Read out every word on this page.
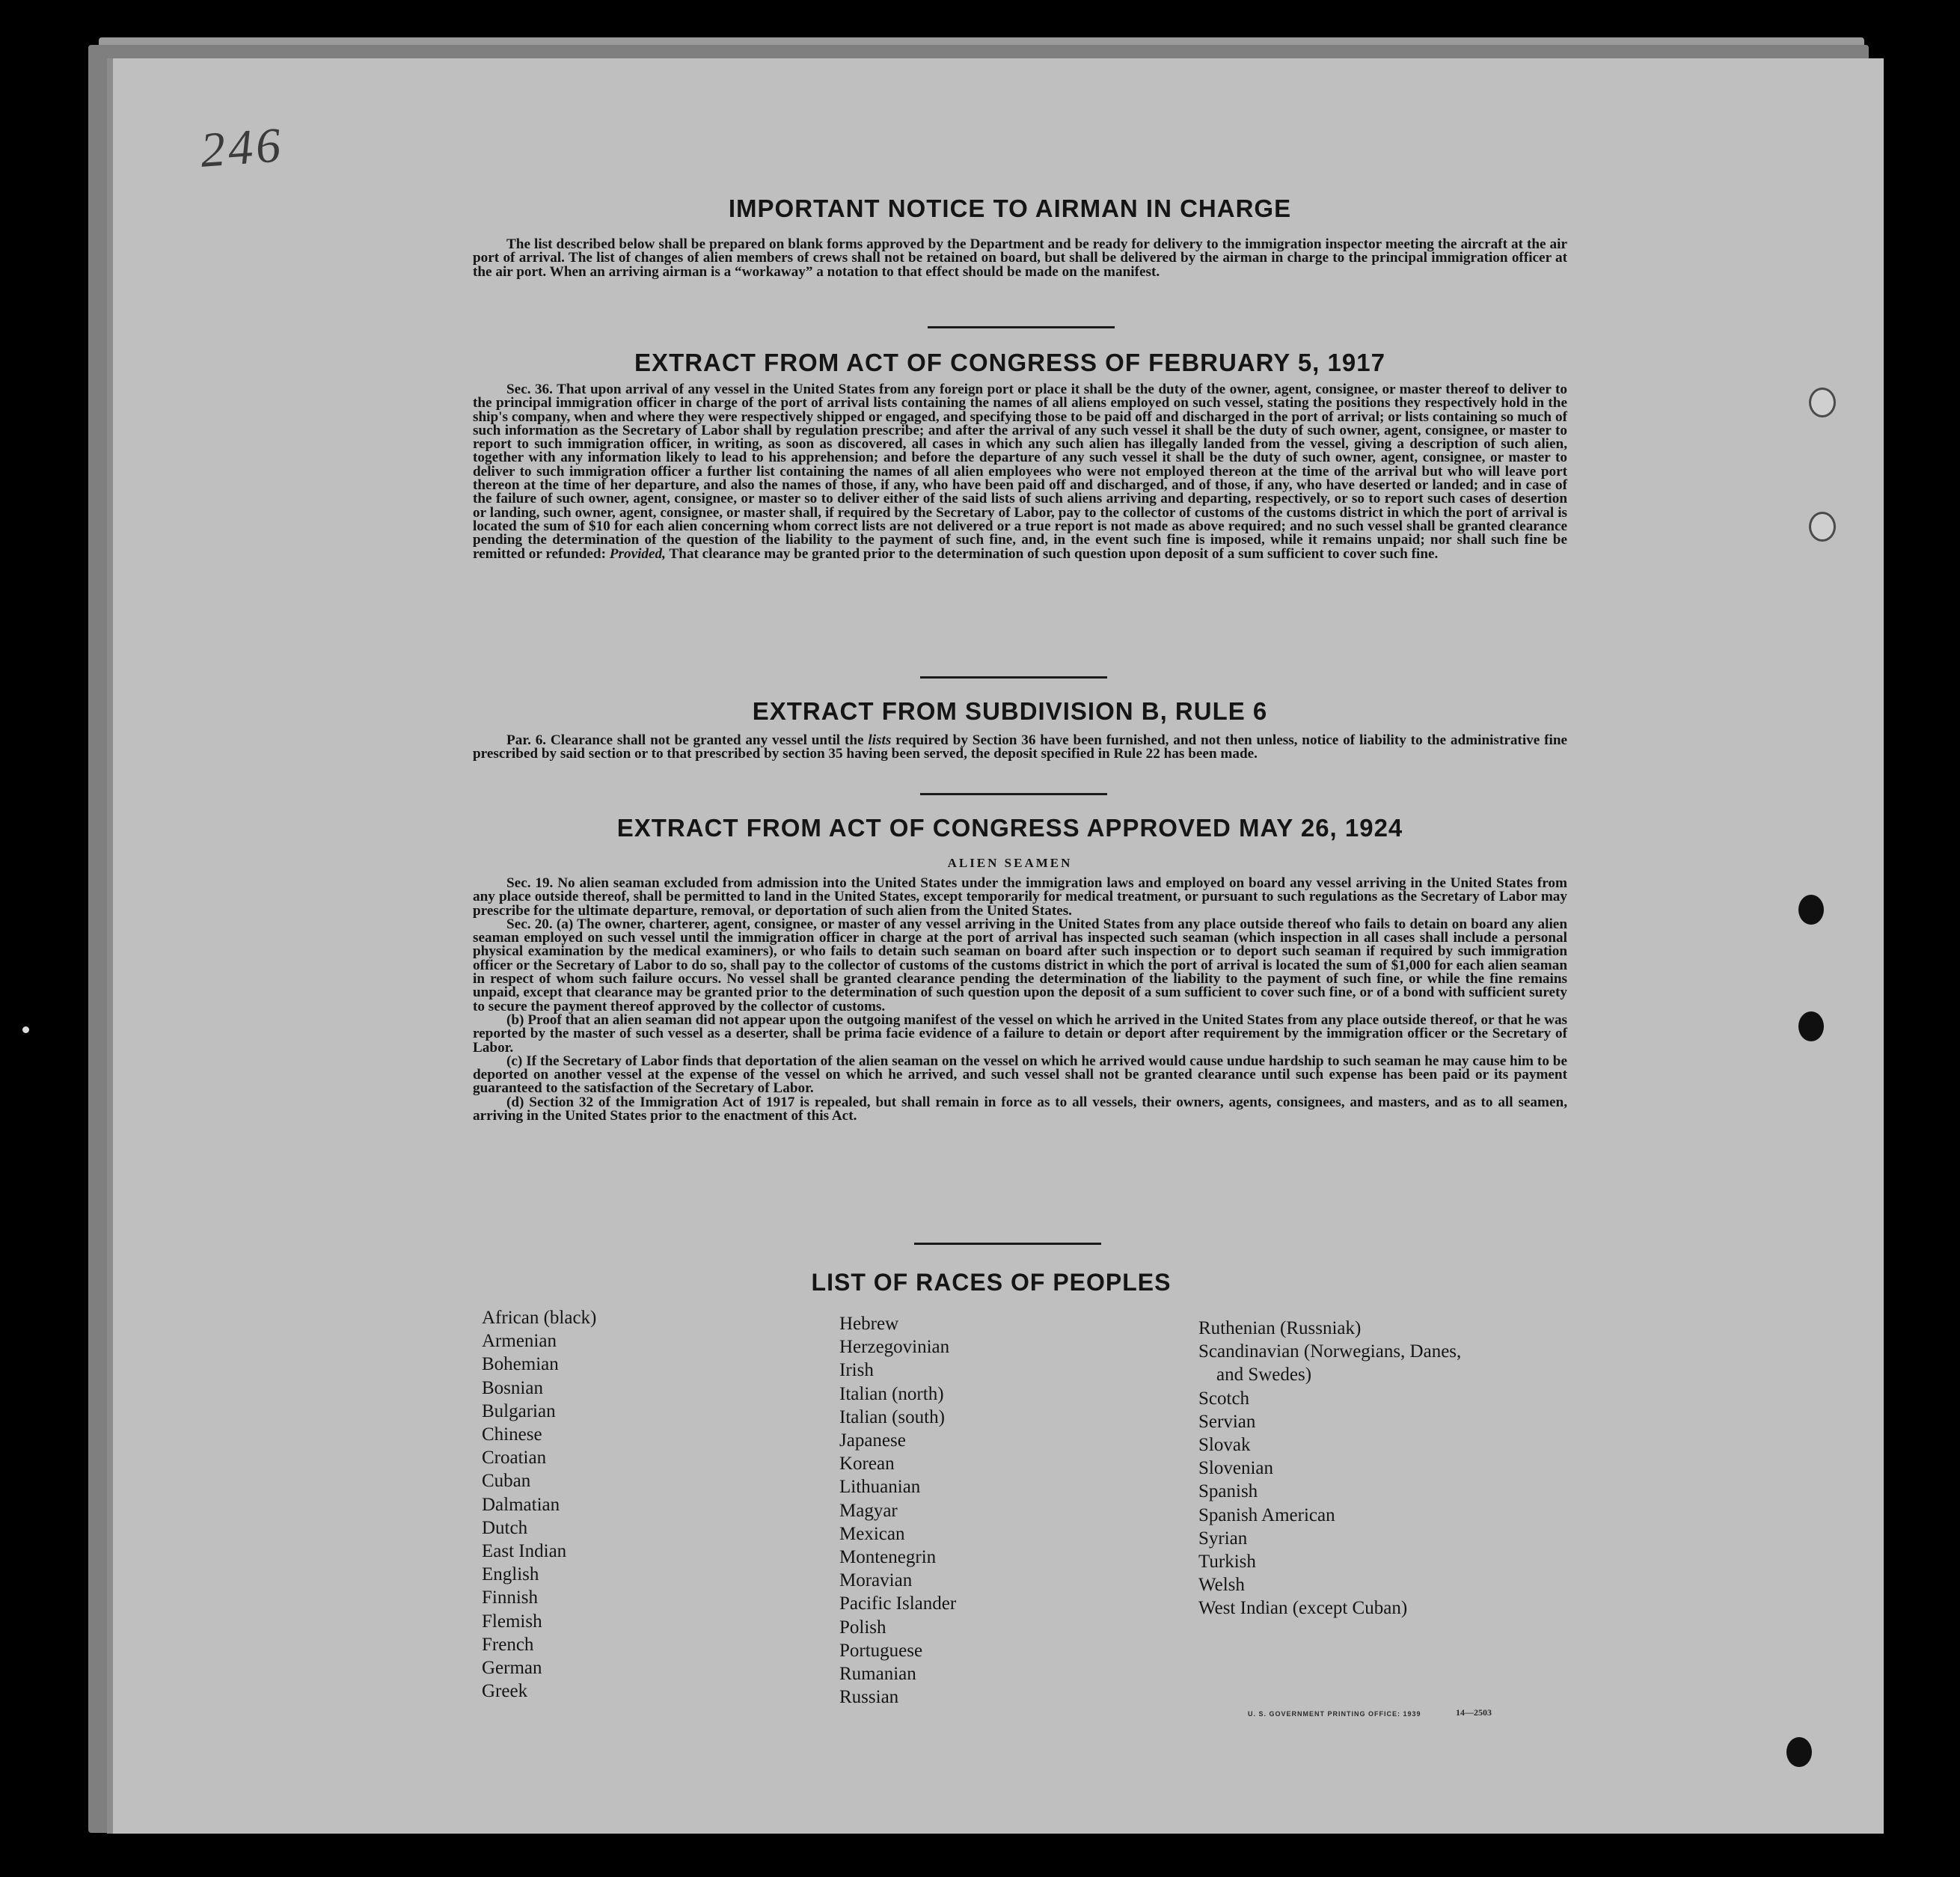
246
IMPORTANT NOTICE TO AIRMAN IN CHARGE

The list described below shall be prepared on blank forms approved by the Department and be ready for delivery to the immigration inspector meeting the aircraft at the air port of arrival. The list of changes of alien members of crews shall not be retained on board, but shall be delivered by the airman in charge to the principal immigration officer at the air port. When an arriving airman is a “workaway” a notation to that effect should be made on the manifest.

EXTRACT FROM ACT OF CONGRESS OF FEBRUARY 5, 1917

Sec. 36. That upon arrival of any vessel in the United States from any foreign port or place it shall be the duty of the owner, agent, consignee, or master thereof to deliver to the principal immigration officer in charge of the port of arrival lists containing the names of all aliens employed on such vessel, stating the positions they respectively hold in the ship's company, when and where they were respectively shipped or engaged, and specifying those to be paid off and discharged in the port of arrival; or lists containing so much of such information as the Secretary of Labor shall by regulation prescribe; and after the arrival of any such vessel it shall be the duty of such owner, agent, consignee, or master to report to such immigration officer, in writing, as soon as discovered, all cases in which any such alien has illegally landed from the vessel, giving a description of such alien, together with any information likely to lead to his apprehension; and before the departure of any such vessel it shall be the duty of such owner, agent, consignee, or master to deliver to such immigration officer a further list containing the names of all alien employees who were not employed thereon at the time of the arrival but who will leave port thereon at the time of her departure, and also the names of those, if any, who have been paid off and discharged, and of those, if any, who have deserted or landed; and in case of the failure of such owner, agent, consignee, or master so to deliver either of the said lists of such aliens arriving and departing, respectively, or so to report such cases of desertion or landing, such owner, agent, consignee, or master shall, if required by the Secretary of Labor, pay to the collector of customs of the customs district in which the port of arrival is located the sum of $10 for each alien concerning whom correct lists are not delivered or a true report is not made as above required; and no such vessel shall be granted clearance pending the determination of the question of the liability to the payment of such fine, and, in the event such fine is imposed, while it remains unpaid; nor shall such fine be remitted or refunded: Provided, That clearance may be granted prior to the determination of such question upon deposit of a sum sufficient to cover such fine.

EXTRACT FROM SUBDIVISION B, RULE 6

Par. 6. Clearance shall not be granted any vessel until the lists required by Section 36 have been furnished, and not then unless, notice of liability to the administrative fine prescribed by said section or to that prescribed by section 35 having been served, the deposit specified in Rule 22 has been made.

EXTRACT FROM ACT OF CONGRESS APPROVED MAY 26, 1924
ALIEN SEAMEN

Sec. 19. No alien seaman excluded from admission into the United States under the immigration laws and employed on board any vessel arriving in the United States from any place outside thereof, shall be permitted to land in the United States, except temporarily for medical treatment, or pursuant to such regulations as the Secretary of Labor may prescribe for the ultimate departure, removal, or deportation of such alien from the United States.

Sec. 20. (a) The owner, charterer, agent, consignee, or master of any vessel arriving in the United States from any place outside thereof who fails to detain on board any alien seaman employed on such vessel until the immigration officer in charge at the port of arrival has inspected such seaman (which inspection in all cases shall include a personal physical examination by the medical examiners), or who fails to detain such seaman on board after such inspection or to deport such seaman if required by such immigration officer or the Secretary of Labor to do so, shall pay to the collector of customs of the customs district in which the port of arrival is located the sum of $1,000 for each alien seaman in respect of whom such failure occurs. No vessel shall be granted clearance pending the determination of the liability to the payment of such fine, or while the fine remains unpaid, except that clearance may be granted prior to the determination of such question upon the deposit of a sum sufficient to cover such fine, or of a bond with sufficient surety to secure the payment thereof approved by the collector of customs.

(b) Proof that an alien seaman did not appear upon the outgoing manifest of the vessel on which he arrived in the United States from any place outside thereof, or that he was reported by the master of such vessel as a deserter, shall be prima facie evidence of a failure to detain or deport after requirement by the immigration officer or the Secretary of Labor.

(c) If the Secretary of Labor finds that deportation of the alien seaman on the vessel on which he arrived would cause undue hardship to such seaman he may cause him to be deported on another vessel at the expense of the vessel on which he arrived, and such vessel shall not be granted clearance until such expense has been paid or its payment guaranteed to the satisfaction of the Secretary of Labor.

(d) Section 32 of the Immigration Act of 1917 is repealed, but shall remain in force as to all vessels, their owners, agents, consignees, and masters, and as to all seamen, arriving in the United States prior to the enactment of this Act.

LIST OF RACES OF PEOPLES
African (black)
Armenian
Bohemian
Bosnian
Bulgarian
Chinese
Croatian
Cuban
Dalmatian
Dutch
East Indian
English
Finnish
Flemish
French
German
Greek
Hebrew
Herzegovinian
Irish
Italian (north)
Italian (south)
Japanese
Korean
Lithuanian
Magyar
Mexican
Montenegrin
Moravian
Pacific Islander
Polish
Portuguese
Rumanian
Russian
Ruthenian (Russniak)
Scandinavian (Norwegians, Danes,
and Swedes)
Scotch
Servian
Slovak
Slovenian
Spanish
Spanish American
Syrian
Turkish
Welsh
West Indian (except Cuban)
U. S. GOVERNMENT PRINTING OFFICE: 1939	14—2503
